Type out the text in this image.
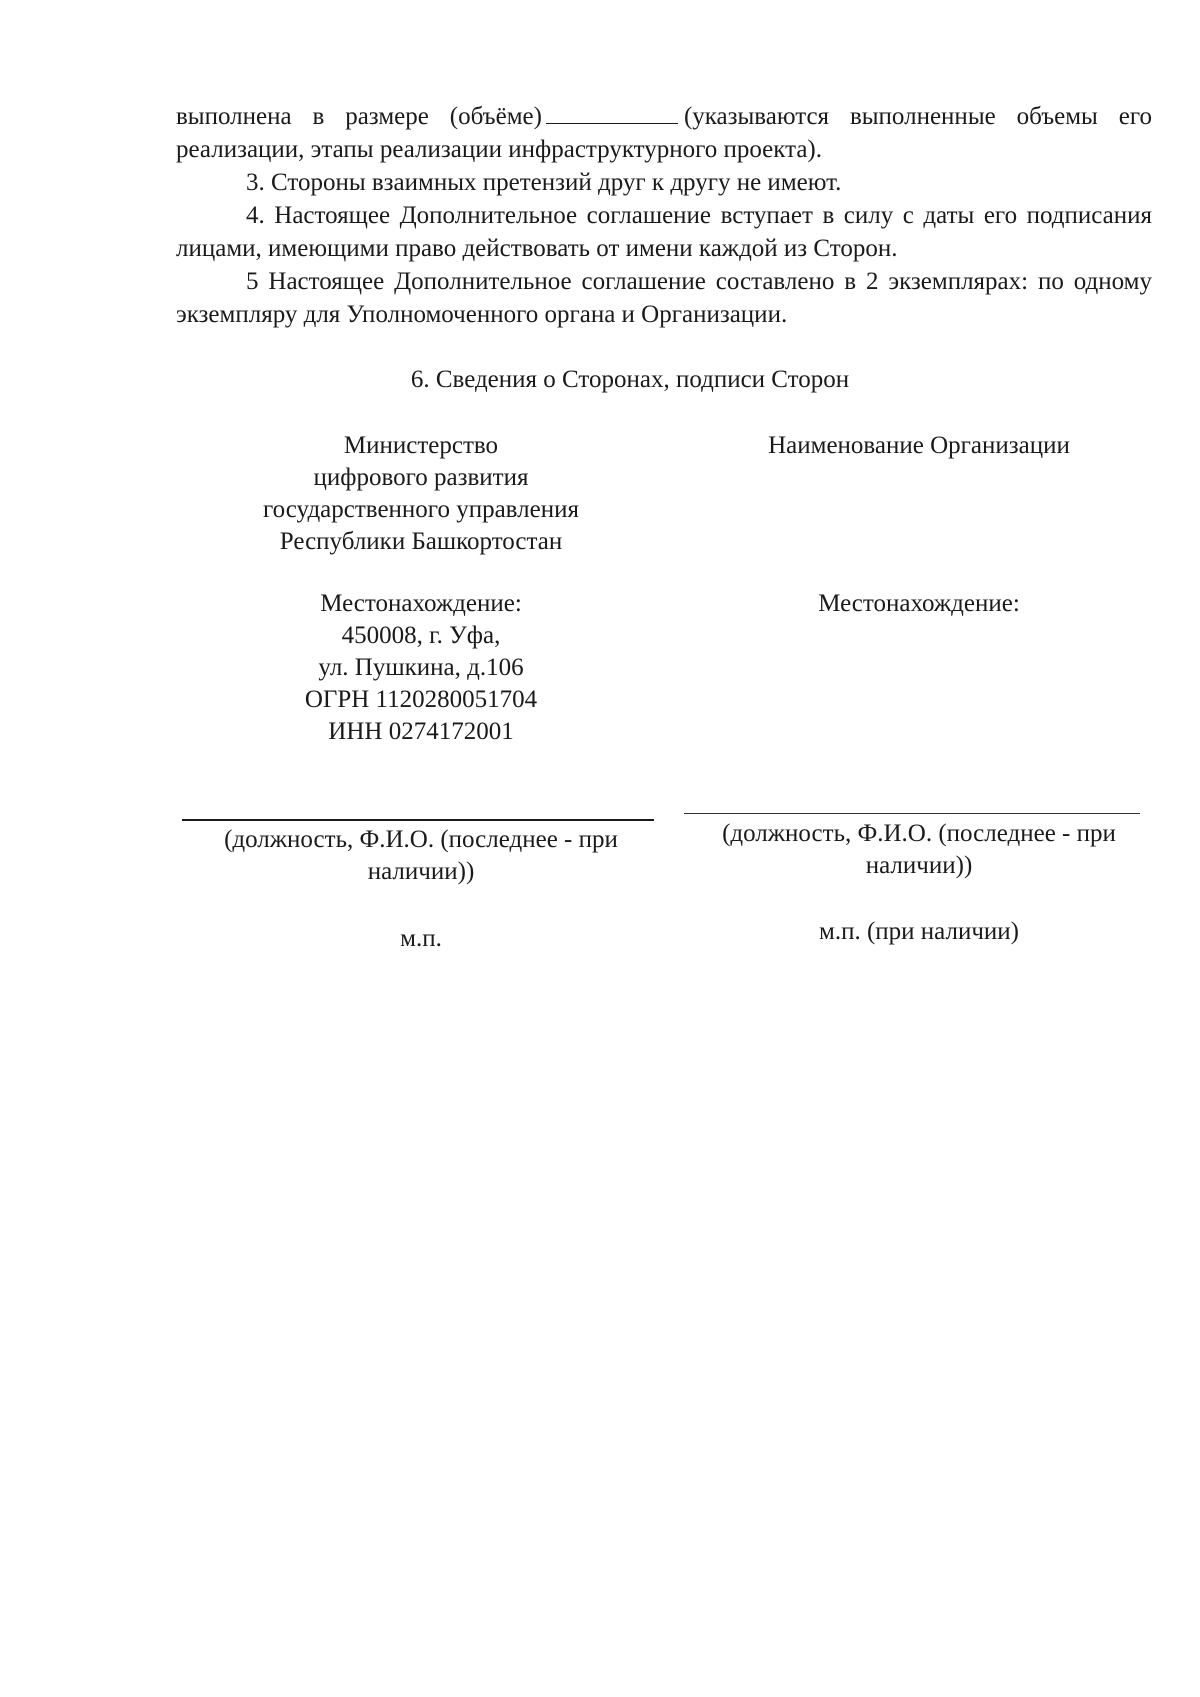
выполнена в размере (объёме)	(указываются выполненные объемы его реализации, этапы реализации инфраструктурного проекта).

3. Стороны взаимных претензий друг к другу не имеют.

4. Настоящее Дополнительное соглашение вступает в силу с даты его подписания лицами, имеющими право действовать от имени каждой из Сторон.

5 Настоящее Дополнительное соглашение составлено в 2 экземплярах: по одному экземпляру для Уполномоченного органа и Организации.

6. Сведения о Сторонах, подписи Сторон
Министерство
цифрового развития
государственного управления
Республики Башкортостан
Местонахождение:
450008, г. Уфа,
ул. Пушкина, д.106
ОГРН 1120280051704
ИНН 0274172001
(должность, Ф.И.О. (последнее - при
наличии))
м.п.
Наименование Организации
Местонахождение:
(должность, Ф.И.О. (последнее - при
наличии))
м.п. (при наличии)
